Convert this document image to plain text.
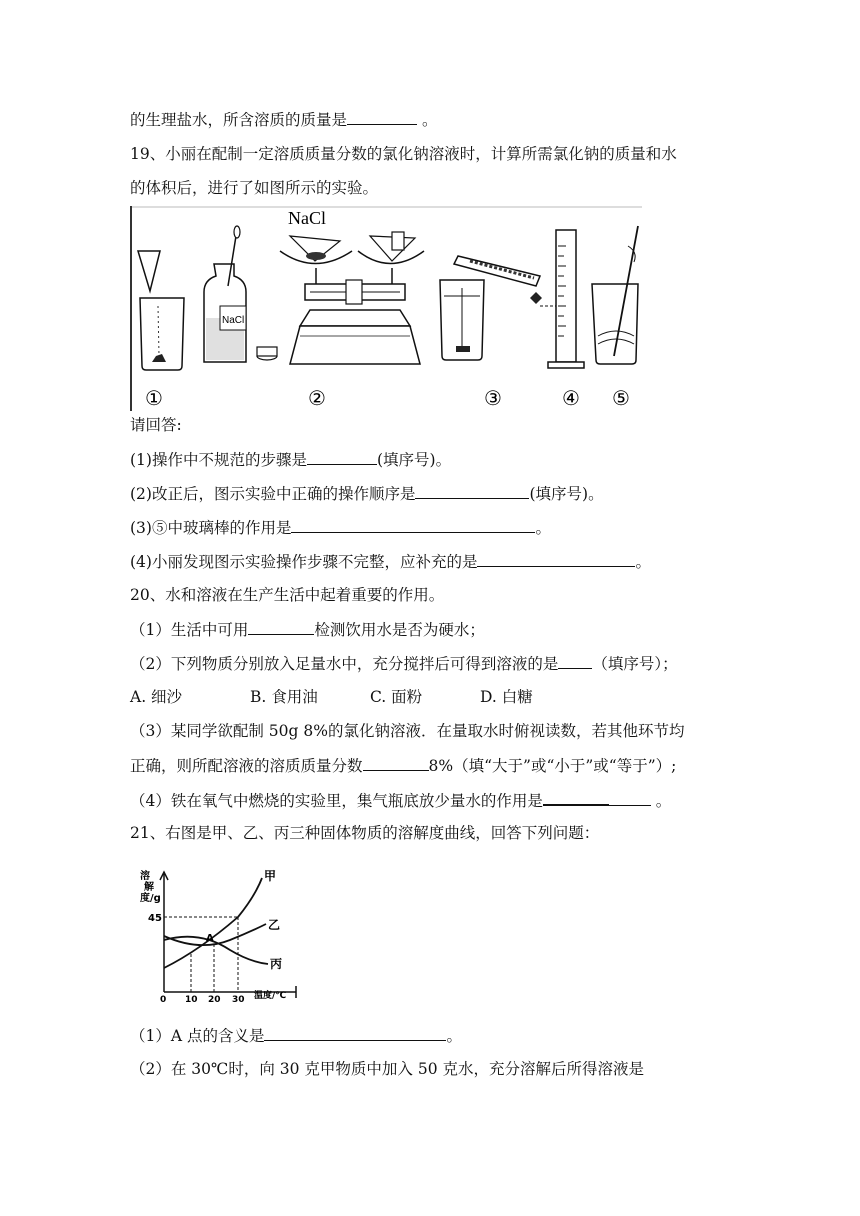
的生理盐水，所含溶质的质量是	。
19、小丽在配制一定溶质质量分数的氯化钠溶液时，计算所需氯化钠的质量和水
的体积后，进行了如图所示的实验。
NaCl
NaCl
①	②	③	④ ⑤
请回答:
(1)操作中不规范的步骤是	(填序号)。
(2)改正后，图示实验中正确的操作顺序是	(填序号)。
(3)⑤中玻璃棒的作用是	。
(4)小丽发现图示实验操作步骤不完整，应补充的是	。
20、水和溶液在生产生活中起着重要的作用。
（1）生活中可用	检测饮用水是否为硬水；
（2）下列物质分别放入足量水中，充分搅拌后可得到溶液的是 （填序号）；
A. 细沙	B. 食用油	C. 面粉	D. 白糖
（3）某同学欲配制 50g 8%的氯化钠溶液．在量取水时俯视读数，若其他环节均
正确，则所配溶液的溶质质量分数	8%（填“大于”或“小于”或“等于”）;
（4）铁在氧气中燃烧的实验里，集气瓶底放少量水的作用是	。
21、右图是甲、乙、丙三种固体物质的溶解度曲线，回答下列问题：
溶
解
度/g
45
甲
乙
丙
A
0 10 20 30 温度/℃
（1）A 点的含义是	。
（2）在 30℃时，向 30 克甲物质中加入 50 克水，充分溶解后所得溶液是
